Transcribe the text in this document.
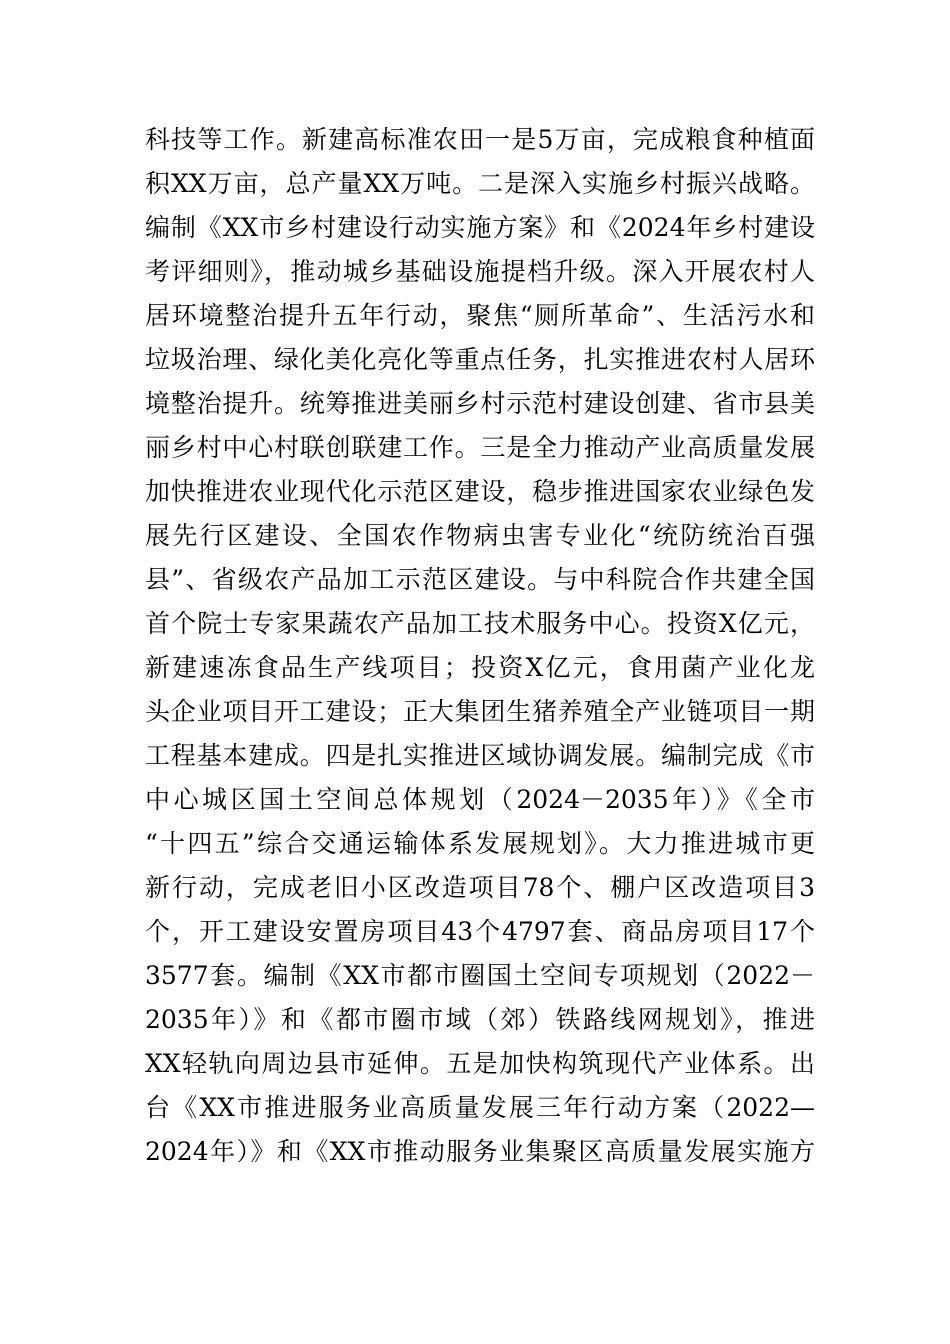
科技等工作。新建高标准农田一是5万亩，完成粮食种植面
积XX万亩，总产量XX万吨。二是深入实施乡村振兴战略。
编制《XX市乡村建设行动实施方案》和《2024年乡村建设
考评细则》，推动城乡基础设施提档升级。深入开展农村人
居环境整治提升五年行动，聚焦“厕所革命”、生活污水和
垃圾治理、绿化美化亮化等重点任务，扎实推进农村人居环
境整治提升。统筹推进美丽乡村示范村建设创建、省市县美
丽乡村中心村联创联建工作。三是全力推动产业高质量发展
加快推进农业现代化示范区建设，稳步推进国家农业绿色发
展先行区建设、全国农作物病虫害专业化“统防统治百强
县”、省级农产品加工示范区建设。与中科院合作共建全国
首个院士专家果蔬农产品加工技术服务中心。投资X亿元，
新建速冻食品生产线项目；投资X亿元，食用菌产业化龙
头企业项目开工建设；正大集团生猪养殖全产业链项目一期
工程基本建成。四是扎实推进区域协调发展。编制完成《市
中心城区国土空间总体规划（2024－2035年）》《全市
“十四五”综合交通运输体系发展规划》。大力推进城市更
新行动，完成老旧小区改造项目78个、棚户区改造项目3
个，开工建设安置房项目43个4797套、商品房项目17个
3577套。编制《XX市都市圈国土空间专项规划（2022－
2035年）》和《都市圈市域（郊）铁路线网规划》，推进
XX轻轨向周边县市延伸。五是加快构筑现代产业体系。出
台《XX市推进服务业高质量发展三年行动方案（2022—
2024年）》和《XX市推动服务业集聚区高质量发展实施方
